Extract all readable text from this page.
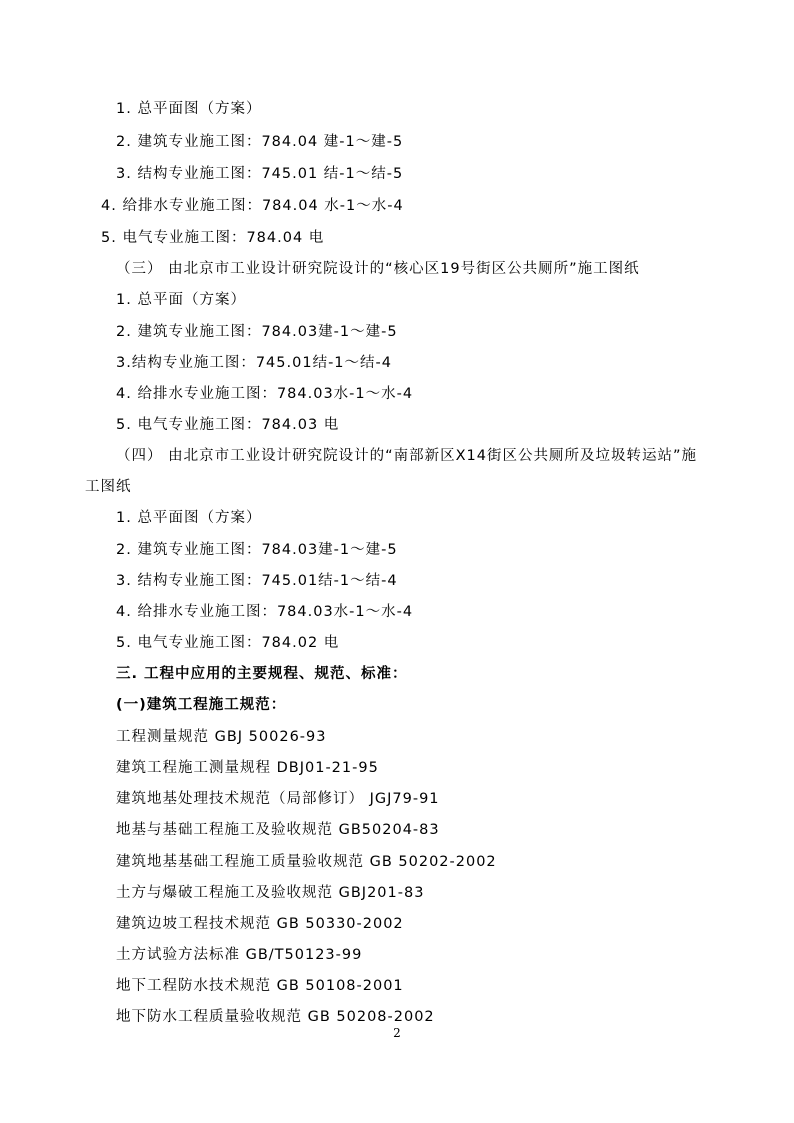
1. 总平面图（方案）
2. 建筑专业施工图：784.04 建-1～建-5
3. 结构专业施工图：745.01 结-1～结-5
4. 给排水专业施工图：784.04 水-1～水-4
5. 电气专业施工图：784.04 电
（三） 由北京市工业设计研究院设计的“核心区19号街区公共厕所”施工图纸
1. 总平面（方案）
2. 建筑专业施工图：784.03建-1～建-5
3.结构专业施工图：745.01结-1～结-4
4. 给排水专业施工图：784.03水-1～水-4
5. 电气专业施工图：784.03 电
（四） 由北京市工业设计研究院设计的“南部新区X14街区公共厕所及垃圾转运站”施
工图纸
1. 总平面图（方案）
2. 建筑专业施工图：784.03建-1～建-5
3. 结构专业施工图：745.01结-1～结-4
4. 给排水专业施工图：784.03水-1～水-4
5. 电气专业施工图：784.02 电
三. 工程中应用的主要规程、规范、标准：
(一)建筑工程施工规范：
工程测量规范 GBJ 50026-93
建筑工程施工测量规程 DBJ01-21-95
建筑地基处理技术规范（局部修订） JGJ79-91
地基与基础工程施工及验收规范 GB50204-83
建筑地基基础工程施工质量验收规范 GB 50202-2002
土方与爆破工程施工及验收规范 GBJ201-83
建筑边坡工程技术规范 GB 50330-2002
土方试验方法标准 GB/T50123-99
地下工程防水技术规范 GB 50108-2001
地下防水工程质量验收规范 GB 50208-2002
2
